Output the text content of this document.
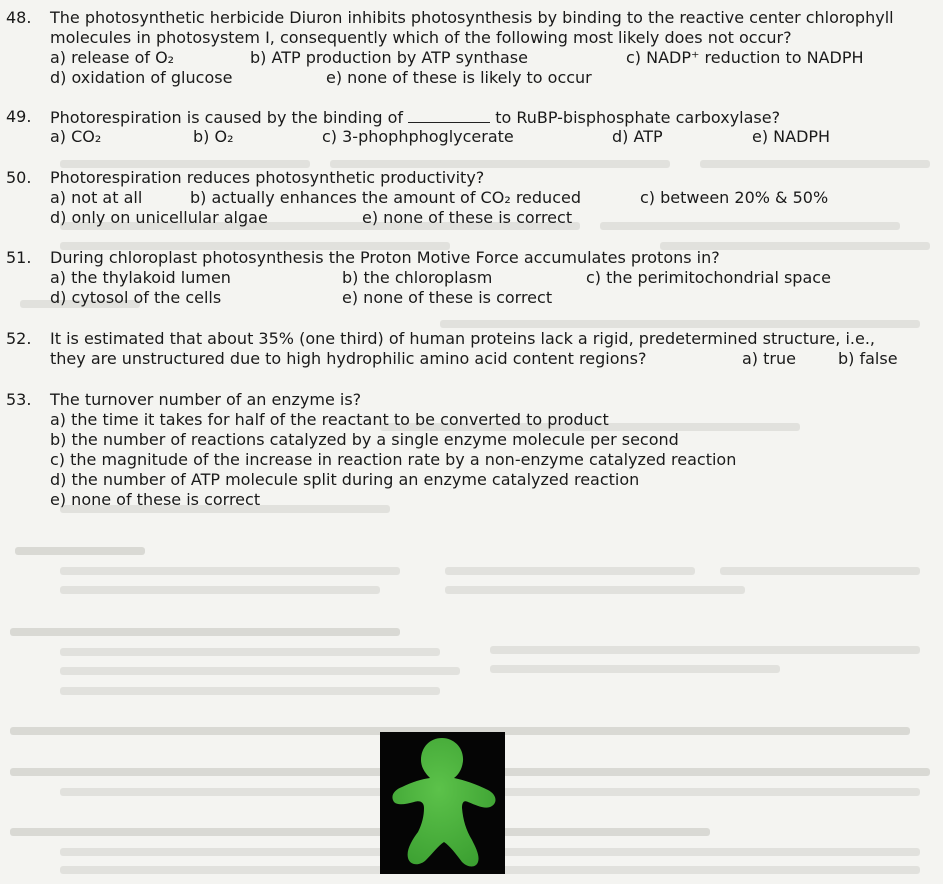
48. The photosynthetic herbicide Diuron inhibits photosynthesis by binding to the reactive center chlorophyll
molecules in photosystem I, consequently which of the following most likely does not occur?
a) release of O₂	b) ATP production by ATP synthase	c) NADP⁺ reduction to NADPH
d) oxidation of glucose	e) none of these is likely to occur
49. Photorespiration is caused by the binding of	to RuBP-bisphosphate carboxylase?
a) CO₂	b) O₂	c) 3-phophphoglycerate	d) ATP	e) NADPH
50. Photorespiration reduces photosynthetic productivity?
a) not at all	b) actually enhances the amount of CO₂ reduced	c) between 20% & 50%
d) only on unicellular algae	e) none of these is correct
51. During chloroplast photosynthesis the Proton Motive Force accumulates protons in?
a) the thylakoid lumen	b) the chloroplasm	c) the perimitochondrial space
d) cytosol of the cells	e) none of these is correct
52. It is estimated that about 35% (one third) of human proteins lack a rigid, predetermined structure, i.e.,
they are unstructured due to high hydrophilic amino acid content regions?	a) true	b) false
53. The turnover number of an enzyme is?
a) the time it takes for half of the reactant to be converted to product
b) the number of reactions catalyzed by a single enzyme molecule per second
c) the magnitude of the increase in reaction rate by a non-enzyme catalyzed reaction
d) the number of ATP molecule split during an enzyme catalyzed reaction
e) none of these is correct
